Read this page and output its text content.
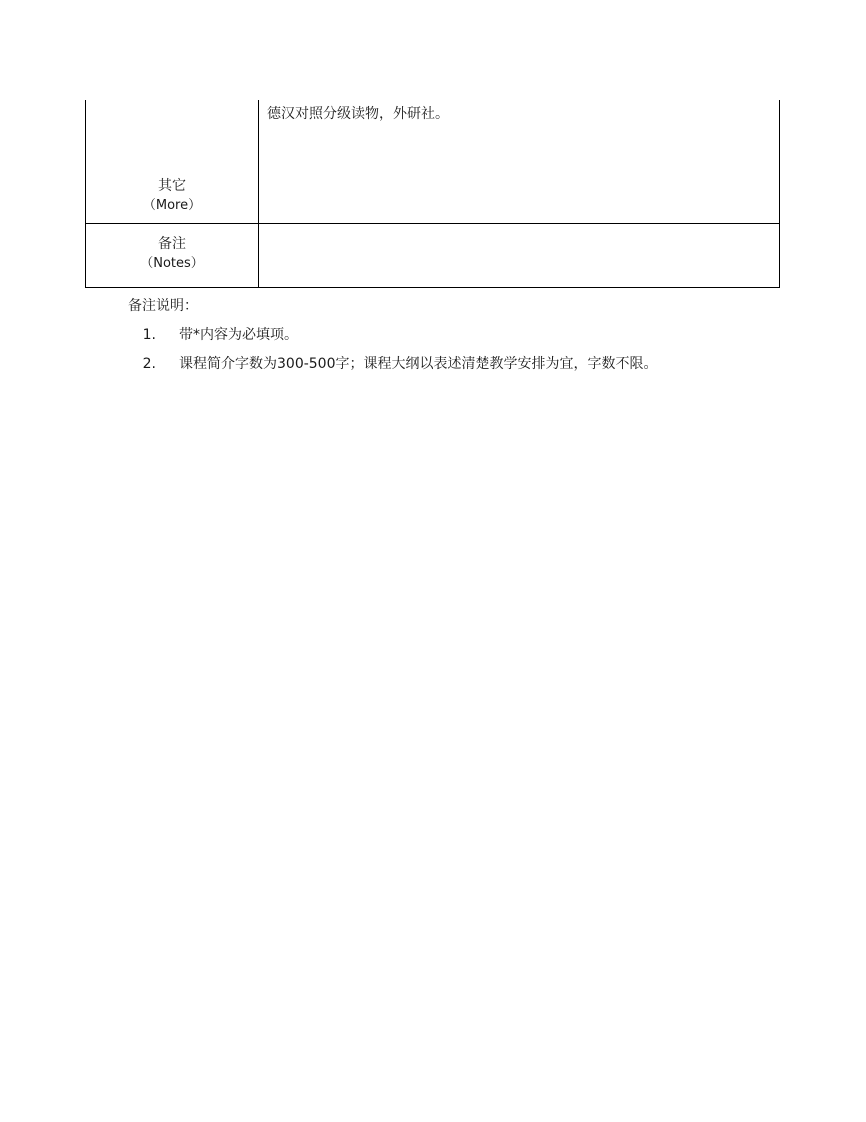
其它
（More）	德汉对照分级读物，外研社。

备注
（Notes）	

备注说明：
1. 带*内容为必填项。
2. 课程简介字数为300-500字；课程大纲以表述清楚教学安排为宜，字数不限。
